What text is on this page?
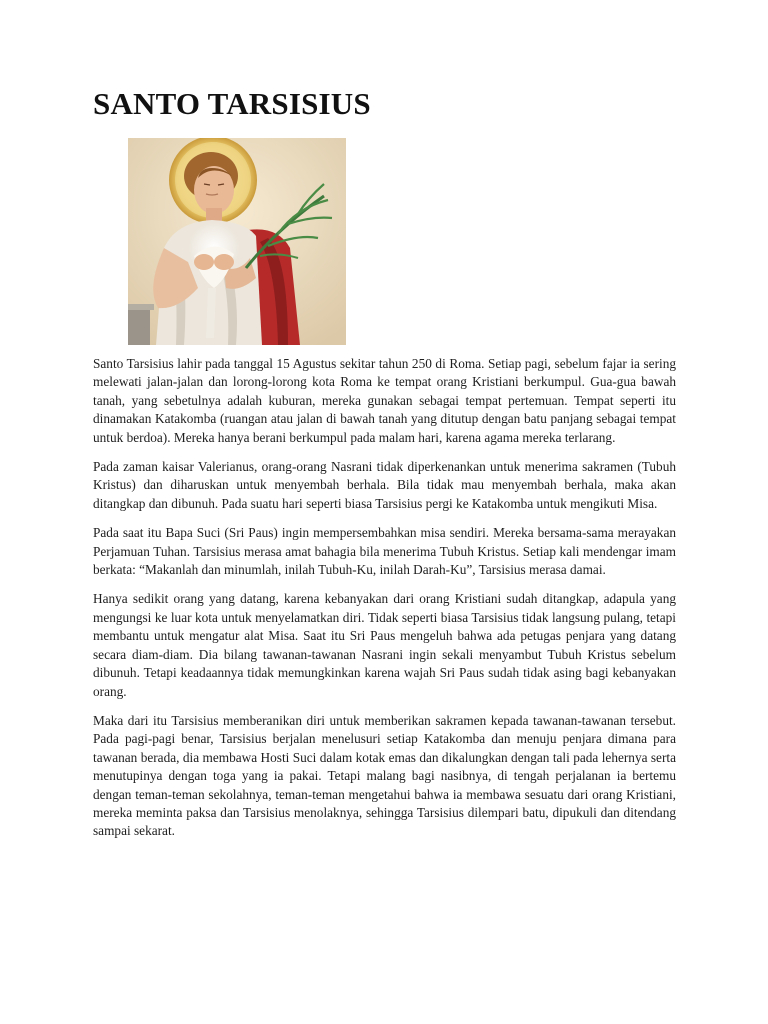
SANTO TARSISIUS

Santo Tarsisius lahir pada tanggal 15 Agustus sekitar tahun 250 di Roma. Setiap pagi, sebelum fajar ia sering melewati jalan-jalan dan lorong-lorong kota Roma ke tempat orang Kristiani berkumpul. Gua-gua bawah tanah, yang sebetulnya adalah kuburan, mereka gunakan sebagai tempat pertemuan. Tempat seperti itu dinamakan Katakomba (ruangan atau jalan di bawah tanah yang ditutup dengan batu panjang sebagai tempat untuk berdoa). Mereka hanya berani berkumpul pada malam hari, karena agama mereka terlarang.

Pada zaman kaisar Valerianus, orang-orang Nasrani tidak diperkenankan untuk menerima sakramen (Tubuh Kristus) dan diharuskan untuk menyembah berhala. Bila tidak mau menyembah berhala, maka akan ditangkap dan dibunuh. Pada suatu hari seperti biasa Tarsisius pergi ke Katakomba untuk mengikuti Misa.

Pada saat itu Bapa Suci (Sri Paus) ingin mempersembahkan misa sendiri. Mereka bersama-sama merayakan Perjamuan Tuhan. Tarsisius merasa amat bahagia bila menerima Tubuh Kristus. Setiap kali mendengar imam berkata: “Makanlah dan minumlah, inilah Tubuh-Ku, inilah Darah-Ku”, Tarsisius merasa damai.

Hanya sedikit orang yang datang, karena kebanyakan dari orang Kristiani sudah ditangkap, adapula yang mengungsi ke luar kota untuk menyelamatkan diri. Tidak seperti biasa Tarsisius tidak langsung pulang, tetapi membantu untuk mengatur alat Misa. Saat itu Sri Paus mengeluh bahwa ada petugas penjara yang datang secara diam-diam. Dia bilang tawanan-tawanan Nasrani ingin sekali menyambut Tubuh Kristus sebelum dibunuh. Tetapi keadaannya tidak memungkinkan karena wajah Sri Paus sudah tidak asing bagi kebanyakan orang.

Maka dari itu Tarsisius memberanikan diri untuk memberikan sakramen kepada tawanan-tawanan tersebut. Pada pagi-pagi benar, Tarsisius berjalan menelusuri setiap Katakomba dan menuju penjara dimana para tawanan berada, dia membawa Hosti Suci dalam kotak emas dan dikalungkan dengan tali pada lehernya serta menutupinya dengan toga yang ia pakai. Tetapi malang bagi nasibnya, di tengah perjalanan ia bertemu dengan teman-teman sekolahnya, teman-teman mengetahui bahwa ia membawa sesuatu dari orang Kristiani, mereka meminta paksa dan Tarsisius menolaknya, sehingga Tarsisius dilempari batu, dipukuli dan ditendang sampai sekarat.
